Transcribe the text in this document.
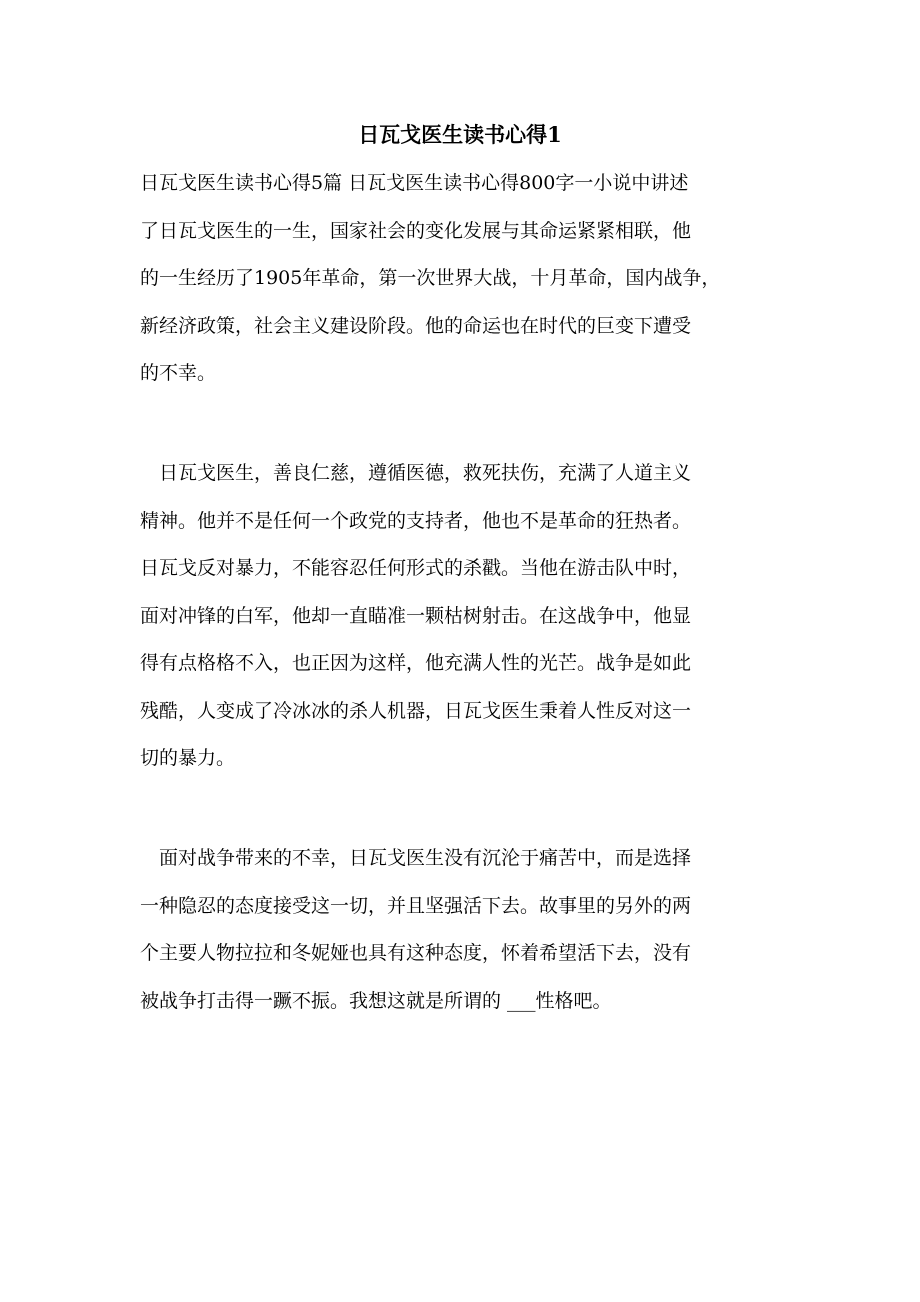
日瓦戈医生读书心得1
日瓦戈医生读书心得5篇 日瓦戈医生读书心得800字一小说中讲述
了日瓦戈医生的一生，国家社会的变化发展与其命运紧紧相联，他
的一生经历了1905年革命，第一次世界大战，十月革命，国内战争，
新经济政策，社会主义建设阶段。他的命运也在时代的巨变下遭受
的不幸。
　日瓦戈医生，善良仁慈，遵循医德，救死扶伤，充满了人道主义
精神。他并不是任何一个政党的支持者，他也不是革命的狂热者。
日瓦戈反对暴力，不能容忍任何形式的杀戳。当他在游击队中时，
面对冲锋的白军，他却一直瞄准一颗枯树射击。在这战争中，他显
得有点格格不入，也正因为这样，他充满人性的光芒。战争是如此
残酷，人变成了冷冰冰的杀人机器，日瓦戈医生秉着人性反对这一
切的暴力。
　面对战争带来的不幸，日瓦戈医生没有沉沦于痛苦中，而是选择
一种隐忍的态度接受这一切，并且坚强活下去。故事里的另外的两
个主要人物拉拉和冬妮娅也具有这种态度，怀着希望活下去，没有
被战争打击得一蹶不振。我想这就是所谓的 ___性格吧。
